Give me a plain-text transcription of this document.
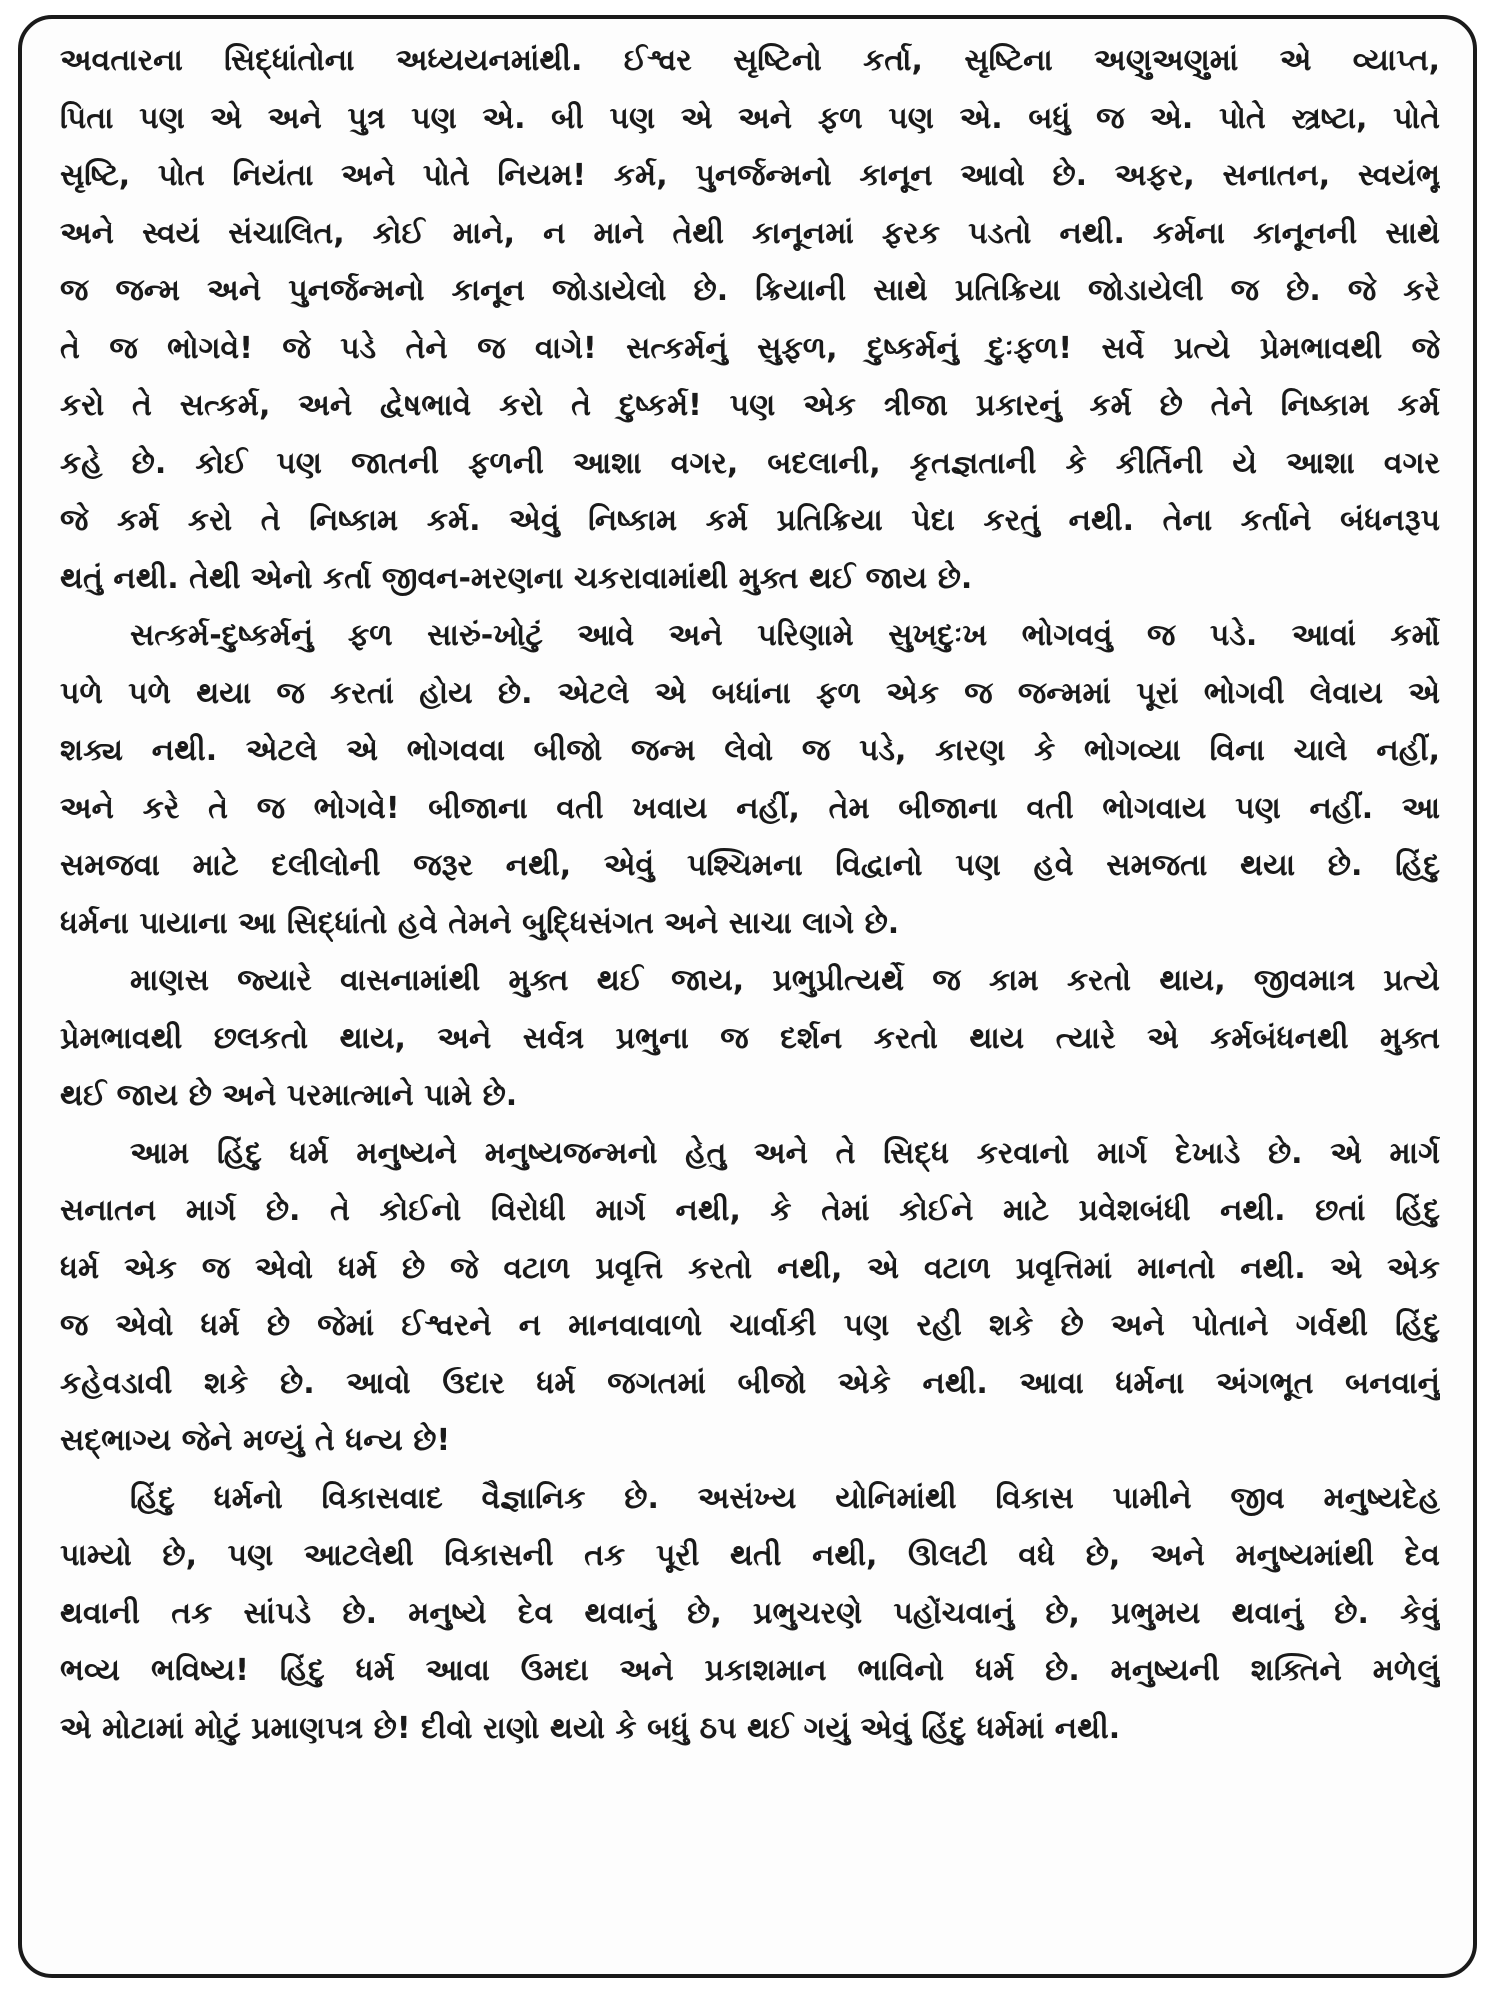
અવતારના સિદ્ધાંતોના અધ્યયનમાંથી. ઈશ્વર સૃષ્ટિનો કર્તા, સૃષ્ટિના અણુઅણુમાં એ વ્યાપ્ત,
પિતા પણ એ અને પુત્ર પણ એ. બી પણ એ અને ફળ પણ એ. બધું જ એ. પોતે સ્ત્રષ્ટા, પોતે
સૃષ્ટિ, પોત નિયંતા અને પોતે નિયમ! કર્મ, પુનર્જન્મનો કાનૂન આવો છે. અફર, સનાતન, સ્વયંભૂ
અને સ્વયં સંચાલિત, કોઈ માને, ન માને તેથી કાનૂનમાં ફરક પડતો નથી. કર્મના કાનૂનની સાથે
જ જન્મ અને પુનર્જન્મનો કાનૂન જોડાયેલો છે. ક્રિયાની સાથે પ્રતિક્રિયા જોડાયેલી જ છે. જે કરે
તે જ ભોગવે! જે પડે તેને જ વાગે! સત્કર્મનું સુફળ, દુષ્કર્મનું દુઃફળ! સર્વે પ્રત્યે પ્રેમભાવથી જે
કરો તે સત્કર્મ, અને દ્વેષભાવે કરો તે દુષ્કર્મ! પણ એક ત્રીજા પ્રકારનું કર્મ છે તેને નિષ્કામ કર્મ
કહે છે. કોઈ પણ જાતની ફળની આશા વગર, બદલાની, કૃતજ્ઞતાની કે કીર્તિની યે આશા વગર
જે કર્મ કરો તે નિષ્કામ કર્મ. એવું નિષ્કામ કર્મ પ્રતિક્રિયા પેદા કરતું નથી. તેના કર્તાને બંધનરૂપ
થતું નથી. તેથી એનો કર્તા જીવન-મરણના ચકરાવામાંથી મુક્ત થઈ જાય છે.
સત્કર્મ-દુષ્કર્મનું ફળ સારું-ખોટું આવે અને પરિણામે સુખદુઃખ ભોગવવું જ પડે. આવાં કર્મો
પળે પળે થયા જ કરતાં હોય છે. એટલે એ બધાંના ફળ એક જ જન્મમાં પૂરાં ભોગવી લેવાય એ
શક્ય નથી. એટલે એ ભોગવવા બીજો જન્મ લેવો જ પડે, કારણ કે ભોગવ્યા વિના ચાલે નહીં,
અને કરે તે જ ભોગવે! બીજાના વતી ખવાય નહીં, તેમ બીજાના વતી ભોગવાય પણ નહીં. આ
સમજવા માટે દલીલોની જરૂર નથી, એવું પશ્ચિમના વિદ્વાનો પણ હવે સમજતા થયા છે. હિંદુ
ધર્મના પાયાના આ સિદ્ધાંતો હવે તેમને બુદ્ધિસંગત અને સાચા લાગે છે.
માણસ જ્યારે વાસનામાંથી મુક્ત થઈ જાય, પ્રભુપ્રીત્યર્થે જ કામ કરતો થાય, જીવમાત્ર પ્રત્યે
પ્રેમભાવથી છલકતો થાય, અને સર્વત્ર પ્રભુના જ દર્શન કરતો થાય ત્યારે એ કર્મબંધનથી મુક્ત
થઈ જાય છે અને પરમાત્માને પામે છે.
આમ હિંદુ ધર્મ મનુષ્યને મનુષ્યજન્મનો હેતુ અને તે સિદ્ધ કરવાનો માર્ગ દેખાડે છે. એ માર્ગ
સનાતન માર્ગ છે. તે કોઈનો વિરોધી માર્ગ નથી, કે તેમાં કોઈને માટે પ્રવેશબંધી નથી. છતાં હિંદુ
ધર્મ એક જ એવો ધર્મ છે જે વટાળ પ્રવૃત્તિ કરતો નથી, એ વટાળ પ્રવૃત્તિમાં માનતો નથી. એ એક
જ એવો ધર્મ છે જેમાં ઈશ્વરને ન માનવાવાળો ચાર્વાકી પણ રહી શકે છે અને પોતાને ગર્વથી હિંદુ
કહેવડાવી શકે છે. આવો ઉદાર ધર્મ જગતમાં બીજો એકે નથી. આવા ધર્મના અંગભૂત બનવાનું
સદ્ભાગ્ય જેને મળ્યું તે ધન્ય છે!
હિંદુ ધર્મનો વિકાસવાદ વૈજ્ઞાનિક છે. અસંખ્ય યોનિમાંથી વિકાસ પામીને જીવ મનુષ્યદેહ
પામ્યો છે, પણ આટલેથી વિકાસની તક પૂરી થતી નથી, ઊલટી વધે છે, અને મનુષ્યમાંથી દેવ
થવાની તક સાંપડે છે. મનુષ્યે દેવ થવાનું છે, પ્રભુચરણે પહોંચવાનું છે, પ્રભુમય થવાનું છે. કેવું
ભવ્ય ભવિષ્ય! હિંદુ ધર્મ આવા ઉમદા અને પ્રકાશમાન ભાવિનો ધર્મ છે. મનુષ્યની શક્તિને મળેલું
એ મોટામાં મોટું પ્રમાણપત્ર છે! દીવો રાણો થયો કે બધું ઠપ થઈ ગયું એવું હિંદુ ધર્મમાં નથી.
